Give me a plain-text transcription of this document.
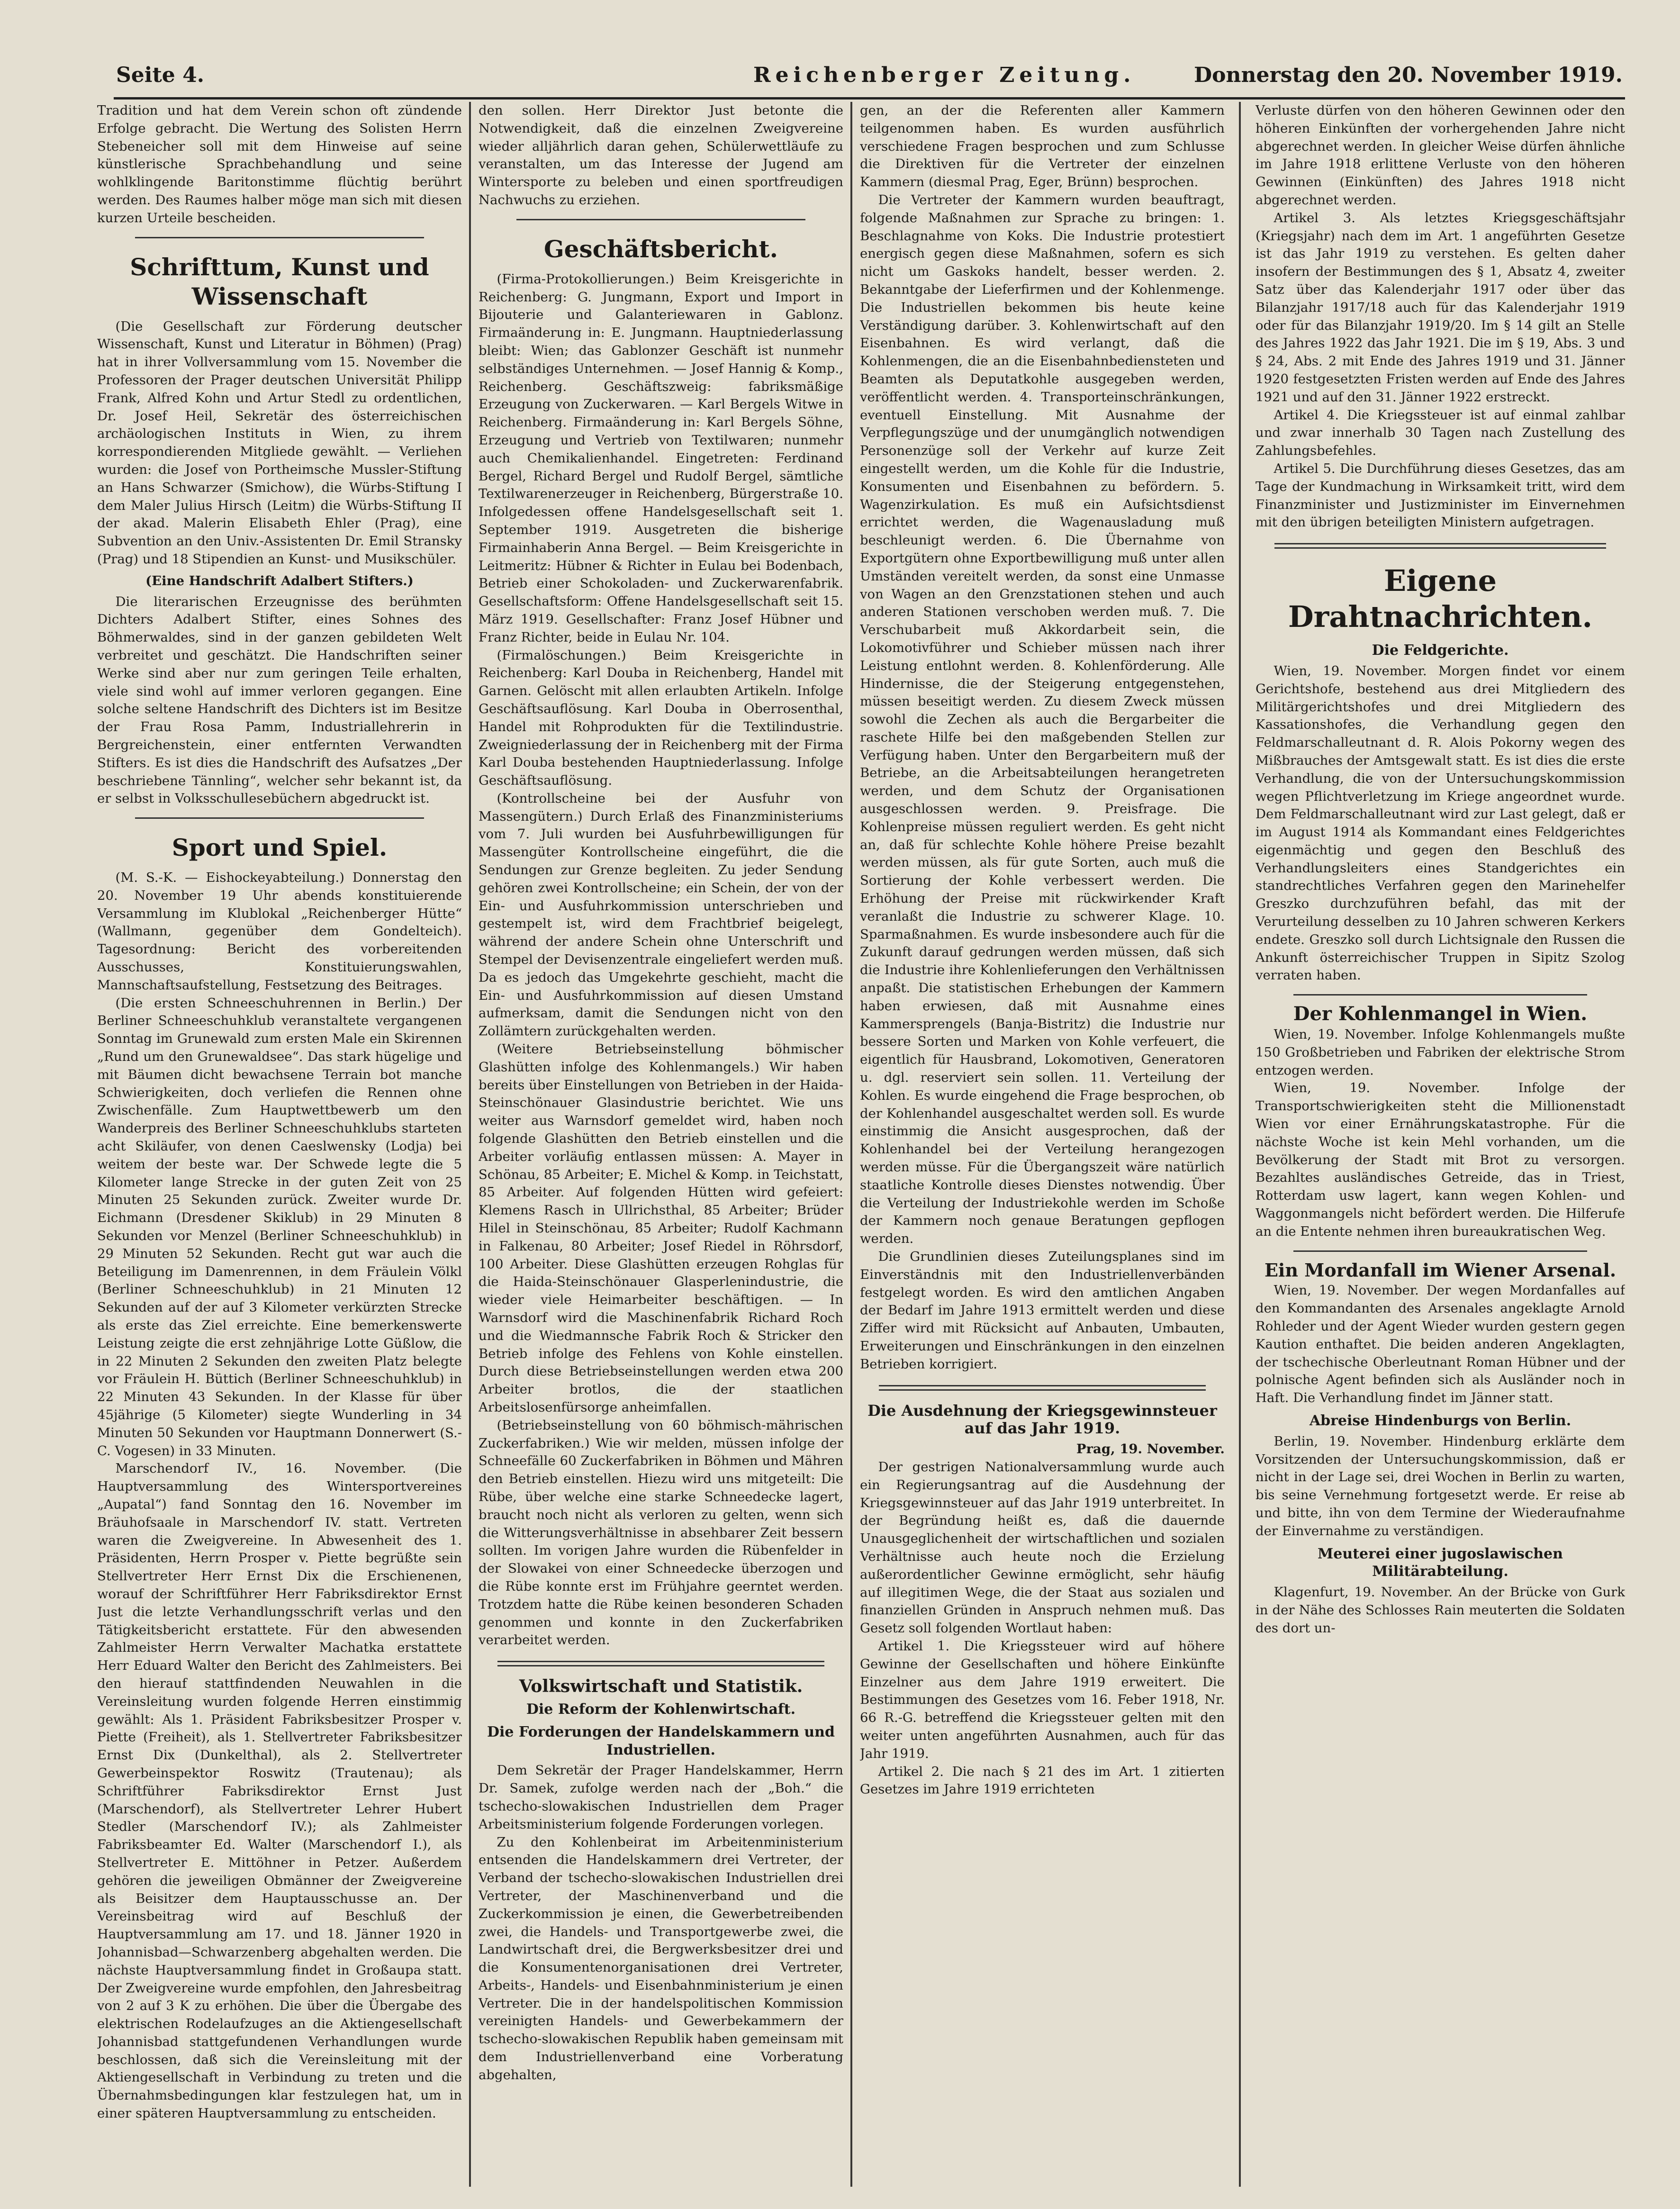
Seite 4.	Reichenberger Zeitung.	Donnerstag den 20. November 1919.

Tradition und hat dem Verein schon oft zündende Erfolge gebracht. Die Wertung des Solisten Herrn Stebeneicher soll mit dem Hinweise auf seine künstlerische Sprachbehandlung und seine wohlklingende Baritonstimme flüchtig berührt werden. Des Raumes halber möge man sich mit diesen kurzen Urteile bescheiden.

Schrifttum, Kunst und Wissenschaft

(Die Gesellschaft zur Förderung deutscher Wissenschaft, Kunst und Literatur in Böhmen) (Prag) hat in ihrer Vollversammlung vom 15. November die Professoren der Prager deutschen Universität Philipp Frank, Alfred Kohn und Artur Stedl zu ordentlichen, Dr. Josef Heil, Sekretär des österreichischen archäologischen Instituts in Wien, zu ihrem korrespondierenden Mitgliede gewählt. — Verliehen wurden: die Josef von Portheimsche Mussler-Stiftung an Hans Schwarzer (Smichow), die Würbs-Stiftung I dem Maler Julius Hirsch (Leitm) die Würbs-Stiftung II der akad. Malerin Elisabeth Ehler (Prag), eine Subvention an den Univ.-Assistenten Dr. Emil Stransky (Prag) und 18 Stipendien an Kunst- und Musikschüler.

(Eine Handschrift Adalbert Stifters.)

Die literarischen Erzeugnisse des berühmten Dichters Adalbert Stifter, eines Sohnes des Böhmerwaldes, sind in der ganzen gebildeten Welt verbreitet und geschätzt. Die Handschriften seiner Werke sind aber nur zum geringen Teile erhalten, viele sind wohl auf immer verloren gegangen. Eine solche seltene Handschrift des Dichters ist im Besitze der Frau Rosa Pamm, Industriallehrerin in Bergreichenstein, einer entfernten Verwandten Stifters. Es ist dies die Handschrift des Aufsatzes „Der beschriebene Tännling“, welcher sehr bekannt ist, da er selbst in Volksschullesebüchern abgedruckt ist.

Sport und Spiel.

(M. S.-K. — Eishockeyabteilung.) Donnerstag den 20. November 19 Uhr abends konstituierende Versammlung im Klublokal „Reichenberger Hütte“ (Wallmann, gegenüber dem Gondelteich). Tagesordnung: Bericht des vorbereitenden Ausschusses, Konstituierungswahlen, Mannschaftsaufstellung, Festsetzung des Beitrages.

(Die ersten Schneeschuhrennen in Berlin.) Der Berliner Schneeschuhklub veranstaltete vergangenen Sonntag im Grunewald zum ersten Male ein Skirennen „Rund um den Grunewaldsee“. Das stark hügelige und mit Bäumen dicht bewachsene Terrain bot manche Schwierigkeiten, doch verliefen die Rennen ohne Zwischenfälle. Zum Hauptwettbewerb um den Wanderpreis des Berliner Schneeschuhklubs starteten acht Skiläufer, von denen Caeslwensky (Lodja) bei weitem der beste war. Der Schwede legte die 5 Kilometer lange Strecke in der guten Zeit von 25 Minuten 25 Sekunden zurück. Zweiter wurde Dr. Eichmann (Dresdener Skiklub) in 29 Minuten 8 Sekunden vor Menzel (Berliner Schneeschuhklub) in 29 Minuten 52 Sekunden. Recht gut war auch die Beteiligung im Damenrennen, in dem Fräulein Völkl (Berliner Schneeschuhklub) in 21 Minuten 12 Sekunden auf der auf 3 Kilometer verkürzten Strecke als erste das Ziel erreichte. Eine bemerkenswerte Leistung zeigte die erst zehnjährige Lotte Güßlow, die in 22 Minuten 2 Sekunden den zweiten Platz belegte vor Fräulein H. Büttich (Berliner Schneeschuhklub) in 22 Minuten 43 Sekunden. In der Klasse für über 45jährige (5 Kilometer) siegte Wunderling in 34 Minuten 50 Sekunden vor Hauptmann Donnerwert (S.-C. Vogesen) in 33 Minuten.

Marschendorf IV., 16. November. (Die Hauptversammlung des Wintersportvereines „Aupatal“) fand Sonntag den 16. November im Bräuhofsaale in Marschendorf IV. statt. Vertreten waren die Zweigvereine. In Abwesenheit des 1. Präsidenten, Herrn Prosper v. Piette begrüßte sein Stellvertreter Herr Ernst Dix die Erschienenen, worauf der Schriftführer Herr Fabriksdirektor Ernst Just die letzte Verhandlungsschrift verlas und den Tätigkeitsbericht erstattete. Für den abwesenden Zahlmeister Herrn Verwalter Machatka erstattete Herr Eduard Walter den Bericht des Zahlmeisters. Bei den hierauf stattfindenden Neuwahlen in die Vereinsleitung wurden folgende Herren einstimmig gewählt: Als 1. Präsident Fabriksbesitzer Prosper v. Piette (Freiheit), als 1. Stellvertreter Fabriksbesitzer Ernst Dix (Dunkelthal), als 2. Stellvertreter Gewerbeinspektor Roswitz (Trautenau); als Schriftführer Fabriksdirektor Ernst Just (Marschendorf), als Stellvertreter Lehrer Hubert Stedler (Marschendorf IV.); als Zahlmeister Fabriksbeamter Ed. Walter (Marschendorf I.), als Stellvertreter E. Mittöhner in Petzer. Außerdem gehören die jeweiligen Obmänner der Zweigvereine als Beisitzer dem Hauptausschusse an. Der Vereinsbeitrag wird auf Beschluß der Hauptversammlung am 17. und 18. Jänner 1920 in Johannisbad—Schwarzenberg abgehalten werden. Die nächste Hauptversammlung findet in Großaupa statt. Der Zweigvereine wurde empfohlen, den Jahresbeitrag von 2 auf 3 K zu erhöhen. Die über die Übergabe des elektrischen Rodelaufzuges an die Aktiengesellschaft Johannisbad stattgefundenen Verhandlungen wurde beschlossen, daß sich die Vereinsleitung mit der Aktiengesellschaft in Verbindung zu treten und die Übernahmsbedingungen klar festzulegen hat, um in einer späteren Hauptversammlung zu entscheiden.

den sollen. Herr Direktor Just betonte die Notwendigkeit, daß die einzelnen Zweigvereine wieder alljährlich daran gehen, Schülerwettläufe zu veranstalten, um das Interesse der Jugend am Wintersporte zu beleben und einen sportfreudigen Nachwuchs zu erziehen.

Geschäftsbericht.

(Firma-Protokollierungen.) Beim Kreisgerichte in Reichenberg: G. Jungmann, Export und Import in Bijouterie und Galanteriewaren in Gablonz. Firmaänderung in: E. Jungmann. Hauptniederlassung bleibt: Wien; das Gablonzer Geschäft ist nunmehr selbständiges Unternehmen. — Josef Hannig & Komp., Reichenberg. Geschäftszweig: fabriksmäßige Erzeugung von Zuckerwaren. — Karl Bergels Witwe in Reichenberg. Firmaänderung in: Karl Bergels Söhne, Erzeugung und Vertrieb von Textilwaren; nunmehr auch Chemikalienhandel. Eingetreten: Ferdinand Bergel, Richard Bergel und Rudolf Bergel, sämtliche Textilwarenerzeuger in Reichenberg, Bürgerstraße 10. Infolgedessen offene Handelsgesellschaft seit 1. September 1919. Ausgetreten die bisherige Firmainhaberin Anna Bergel. — Beim Kreisgerichte in Leitmeritz: Hübner & Richter in Eulau bei Bodenbach, Betrieb einer Schokoladen- und Zuckerwarenfabrik. Gesellschaftsform: Offene Handelsgesellschaft seit 15. März 1919. Gesellschafter: Franz Josef Hübner und Franz Richter, beide in Eulau Nr. 104.

(Firmalöschungen.) Beim Kreisgerichte in Reichenberg: Karl Douba in Reichenberg, Handel mit Garnen. Gelöscht mit allen erlaubten Artikeln. Infolge Geschäftsauflösung. Karl Douba in Oberrosenthal, Handel mit Rohprodukten für die Textilindustrie. Zweigniederlassung der in Reichenberg mit der Firma Karl Douba bestehenden Hauptniederlassung. Infolge Geschäftsauflösung.

(Kontrollscheine bei der Ausfuhr von Massengütern.) Durch Erlaß des Finanzministeriums vom 7. Juli wurden bei Ausfuhrbewilligungen für Massengüter Kontrollscheine eingeführt, die die Sendungen zur Grenze begleiten. Zu jeder Sendung gehören zwei Kontrollscheine; ein Schein, der von der Ein- und Ausfuhrkommission unterschrieben und gestempelt ist, wird dem Frachtbrief beigelegt, während der andere Schein ohne Unterschrift und Stempel der Devisenzentrale eingeliefert werden muß. Da es jedoch das Umgekehrte geschieht, macht die Ein- und Ausfuhrkommission auf diesen Umstand aufmerksam, damit die Sendungen nicht von den Zollämtern zurückgehalten werden.

(Weitere Betriebseinstellung böhmischer Glashütten infolge des Kohlenmangels.) Wir haben bereits über Einstellungen von Betrieben in der Haida-Steinschönauer Glasindustrie berichtet. Wie uns weiter aus Warnsdorf gemeldet wird, haben noch folgende Glashütten den Betrieb einstellen und die Arbeiter vorläufig entlassen müssen: A. Mayer in Schönau, 85 Arbeiter; E. Michel & Komp. in Teichstatt, 85 Arbeiter. Auf folgenden Hütten wird gefeiert: Klemens Rasch in Ullrichsthal, 85 Arbeiter; Brüder Hilel in Steinschönau, 85 Arbeiter; Rudolf Kachmann in Falkenau, 80 Arbeiter; Josef Riedel in Röhrsdorf, 100 Arbeiter. Diese Glashütten erzeugen Rohglas für die Haida-Steinschönauer Glasperlenindustrie, die wieder viele Heimarbeiter beschäftigen. — In Warnsdorf wird die Maschinenfabrik Richard Roch und die Wiedmannsche Fabrik Roch & Stricker den Betrieb infolge des Fehlens von Kohle einstellen. Durch diese Betriebseinstellungen werden etwa 200 Arbeiter brotlos, die der staatlichen Arbeitslosenfürsorge anheimfallen.

(Betriebseinstellung von 60 böhmisch-mährischen Zuckerfabriken.) Wie wir melden, müssen infolge der Schneefälle 60 Zuckerfabriken in Böhmen und Mähren den Betrieb einstellen. Hiezu wird uns mitgeteilt: Die Rübe, über welche eine starke Schneedecke lagert, braucht noch nicht als verloren zu gelten, wenn sich die Witterungsverhältnisse in absehbarer Zeit bessern sollten. Im vorigen Jahre wurden die Rübenfelder in der Slowakei von einer Schneedecke überzogen und die Rübe konnte erst im Frühjahre geerntet werden. Trotzdem hatte die Rübe keinen besonderen Schaden genommen und konnte in den Zuckerfabriken verarbeitet werden.

Volkswirtschaft und Statistik.
Die Reform der Kohlenwirtschaft.
Die Forderungen der Handelskammern und Industriellen.

Dem Sekretär der Prager Handelskammer, Herrn Dr. Samek, zufolge werden nach der „Boh.“ die tschecho-slowakischen Industriellen dem Prager Arbeitsministerium folgende Forderungen vorlegen.

Zu den Kohlenbeirat im Arbeitenministerium entsenden die Handelskammern drei Vertreter, der Verband der tschecho-slowakischen Industriellen drei Vertreter, der Maschinenverband und die Zuckerkommission je einen, die Gewerbetreibenden zwei, die Handels- und Transportgewerbe zwei, die Landwirtschaft drei, die Bergwerksbesitzer drei und die Konsumentenorganisationen drei Vertreter, Arbeits-, Handels- und Eisenbahnministerium je einen Vertreter. Die in der handelspolitischen Kommission vereinigten Handels- und Gewerbekammern der tschecho-slowakischen Republik haben gemeinsam mit dem Industriellenverband eine Vorberatung abgehalten,

gen, an der die Referenten aller Kammern teilgenommen haben. Es wurden ausführlich verschiedene Fragen besprochen und zum Schlusse die Direktiven für die Vertreter der einzelnen Kammern (diesmal Prag, Eger, Brünn) besprochen.

Die Vertreter der Kammern wurden beauftragt, folgende Maßnahmen zur Sprache zu bringen: 1. Beschlagnahme von Koks. Die Industrie protestiert energisch gegen diese Maßnahmen, sofern es sich nicht um Gaskoks handelt, besser werden. 2. Bekanntgabe der Lieferfirmen und der Kohlenmenge. Die Industriellen bekommen bis heute keine Verständigung darüber. 3. Kohlenwirtschaft auf den Eisenbahnen. Es wird verlangt, daß die Kohlenmengen, die an die Eisenbahnbediensteten und Beamten als Deputatkohle ausgegeben werden, veröffentlicht werden. 4. Transporteinschränkungen, eventuell Einstellung. Mit Ausnahme der Verpflegungszüge und der unumgänglich notwendigen Personenzüge soll der Verkehr auf kurze Zeit eingestellt werden, um die Kohle für die Industrie, Konsumenten und Eisenbahnen zu befördern. 5. Wagenzirkulation. Es muß ein Aufsichtsdienst errichtet werden, die Wagenausladung muß beschleunigt werden. 6. Die Übernahme von Exportgütern ohne Exportbewilligung muß unter allen Umständen vereitelt werden, da sonst eine Unmasse von Wagen an den Grenzstationen stehen und auch anderen Stationen verschoben werden muß. 7. Die Verschubarbeit muß Akkordarbeit sein, die Lokomotivführer und Schieber müssen nach ihrer Leistung entlohnt werden. 8. Kohlenförderung. Alle Hindernisse, die der Steigerung entgegenstehen, müssen beseitigt werden. Zu diesem Zweck müssen sowohl die Zechen als auch die Bergarbeiter die raschete Hilfe bei den maßgebenden Stellen zur Verfügung haben. Unter den Bergarbeitern muß der Betriebe, an die Arbeitsabteilungen herangetreten werden, und dem Schutz der Organisationen ausgeschlossen werden. 9. Preisfrage. Die Kohlenpreise müssen reguliert werden. Es geht nicht an, daß für schlechte Kohle höhere Preise bezahlt werden müssen, als für gute Sorten, auch muß die Sortierung der Kohle verbessert werden. Die Erhöhung der Preise mit rückwirkender Kraft veranlaßt die Industrie zu schwerer Klage. 10. Sparmaßnahmen. Es wurde insbesondere auch für die Zukunft darauf gedrungen werden müssen, daß sich die Industrie ihre Kohlenlieferungen den Verhältnissen anpaßt. Die statistischen Erhebungen der Kammern haben erwiesen, daß mit Ausnahme eines Kammersprengels (Banja-Bistritz) die Industrie nur bessere Sorten und Marken von Kohle verfeuert, die eigentlich für Hausbrand, Lokomotiven, Generatoren u. dgl. reserviert sein sollen. 11. Verteilung der Kohlen. Es wurde eingehend die Frage besprochen, ob der Kohlenhandel ausgeschaltet werden soll. Es wurde einstimmig die Ansicht ausgesprochen, daß der Kohlenhandel bei der Verteilung herangezogen werden müsse. Für die Übergangszeit wäre natürlich staatliche Kontrolle dieses Dienstes notwendig. Über die Verteilung der Industriekohle werden im Schoße der Kammern noch genaue Beratungen gepflogen werden.

Die Grundlinien dieses Zuteilungsplanes sind im Einverständnis mit den Industriellenverbänden festgelegt worden. Es wird den amtlichen Angaben der Bedarf im Jahre 1913 ermittelt werden und diese Ziffer wird mit Rücksicht auf Anbauten, Umbauten, Erweiterungen und Einschränkungen in den einzelnen Betrieben korrigiert.

Die Ausdehnung der Kriegsgewinnsteuer auf das Jahr 1919.

Prag, 19. November.

Der gestrigen Nationalversammlung wurde auch ein Regierungsantrag auf die Ausdehnung der Kriegsgewinnsteuer auf das Jahr 1919 unterbreitet. In der Begründung heißt es, daß die dauernde Unausgeglichenheit der wirtschaftlichen und sozialen Verhältnisse auch heute noch die Erzielung außerordentlicher Gewinne ermöglicht, sehr häufig auf illegitimen Wege, die der Staat aus sozialen und finanziellen Gründen in Anspruch nehmen muß. Das Gesetz soll folgenden Wortlaut haben:

Artikel 1. Die Kriegssteuer wird auf höhere Gewinne der Gesellschaften und höhere Einkünfte Einzelner aus dem Jahre 1919 erweitert. Die Bestimmungen des Gesetzes vom 16. Feber 1918, Nr. 66 R.-G. betreffend die Kriegssteuer gelten mit den weiter unten angeführten Ausnahmen, auch für das Jahr 1919.

Artikel 2. Die nach § 21 des im Art. 1 zitierten Gesetzes im Jahre 1919 errichteten

Verluste dürfen von den höheren Gewinnen oder den höheren Einkünften der vorhergehenden Jahre nicht abgerechnet werden. In gleicher Weise dürfen ähnliche im Jahre 1918 erlittene Verluste von den höheren Gewinnen (Einkünften) des Jahres 1918 nicht abgerechnet werden.

Artikel 3. Als letztes Kriegsgeschäftsjahr (Kriegsjahr) nach dem im Art. 1 angeführten Gesetze ist das Jahr 1919 zu verstehen. Es gelten daher insofern der Bestimmungen des § 1, Absatz 4, zweiter Satz über das Kalenderjahr 1917 oder über das Bilanzjahr 1917/18 auch für das Kalenderjahr 1919 oder für das Bilanzjahr 1919/20. Im § 14 gilt an Stelle des Jahres 1922 das Jahr 1921. Die im § 19, Abs. 3 und § 24, Abs. 2 mit Ende des Jahres 1919 und 31. Jänner 1920 festgesetzten Fristen werden auf Ende des Jahres 1921 und auf den 31. Jänner 1922 erstreckt.

Artikel 4. Die Kriegssteuer ist auf einmal zahlbar und zwar innerhalb 30 Tagen nach Zustellung des Zahlungsbefehles.

Artikel 5. Die Durchführung dieses Gesetzes, das am Tage der Kundmachung in Wirksamkeit tritt, wird dem Finanzminister und Justizminister im Einvernehmen mit den übrigen beteiligten Ministern aufgetragen.

Eigene Drahtnachrichten.
Die Feldgerichte.

Wien, 19. November. Morgen findet vor einem Gerichtshofe, bestehend aus drei Mitgliedern des Militärgerichtshofes und drei Mitgliedern des Kassationshofes, die Verhandlung gegen den Feldmarschalleutnant d. R. Alois Pokorny wegen des Mißbrauches der Amtsgewalt statt. Es ist dies die erste Verhandlung, die von der Untersuchungskommission wegen Pflichtverletzung im Kriege angeordnet wurde. Dem Feldmarschalleutnant wird zur Last gelegt, daß er im August 1914 als Kommandant eines Feldgerichtes eigenmächtig und gegen den Beschluß des Verhandlungsleiters eines Standgerichtes ein standrechtliches Verfahren gegen den Marinehelfer Greszko durchzuführen befahl, das mit der Verurteilung desselben zu 10 Jahren schweren Kerkers endete. Greszko soll durch Lichtsignale den Russen die Ankunft österreichischer Truppen in Sipitz Szolog verraten haben.

Der Kohlenmangel in Wien.

Wien, 19. November. Infolge Kohlenmangels mußte 150 Großbetrieben und Fabriken der elektrische Strom entzogen werden.

Wien, 19. November. Infolge der Transportschwierigkeiten steht die Millionenstadt Wien vor einer Ernährungskatastrophe. Für die nächste Woche ist kein Mehl vorhanden, um die Bevölkerung der Stadt mit Brot zu versorgen. Bezahltes ausländisches Getreide, das in Triest, Rotterdam usw lagert, kann wegen Kohlen- und Waggonmangels nicht befördert werden. Die Hilferufe an die Entente nehmen ihren bureaukratischen Weg.

Ein Mordanfall im Wiener Arsenal.

Wien, 19. November. Der wegen Mordanfalles auf den Kommandanten des Arsenales angeklagte Arnold Rohleder und der Agent Wieder wurden gestern gegen Kaution enthaftet. Die beiden anderen Angeklagten, der tschechische Oberleutnant Roman Hübner und der polnische Agent befinden sich als Ausländer noch in Haft. Die Verhandlung findet im Jänner statt.

Abreise Hindenburgs von Berlin.

Berlin, 19. November. Hindenburg erklärte dem Vorsitzenden der Untersuchungskommission, daß er nicht in der Lage sei, drei Wochen in Berlin zu warten, bis seine Vernehmung fortgesetzt werde. Er reise ab und bitte, ihn von dem Termine der Wiederaufnahme der Einvernahme zu verständigen.

Meuterei einer jugoslawischen Militärabteilung.

Klagenfurt, 19. November. An der Brücke von Gurk in der Nähe des Schlosses Rain meuterten die Soldaten des dort un-
